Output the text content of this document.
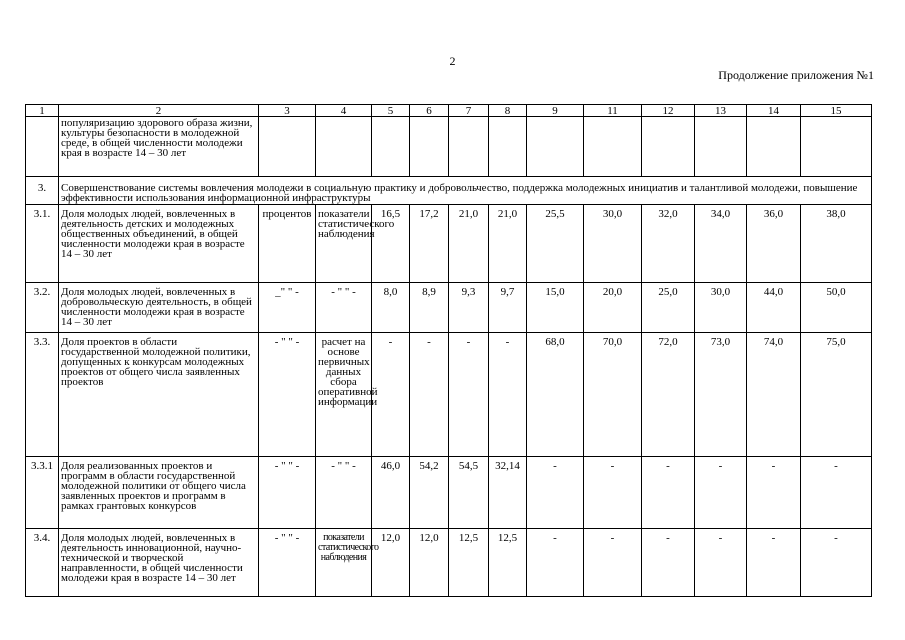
2
Продолжение приложения №1
1	2	3	4	5	6	7	8	9	11	12	13	14	15
	популяризацию здорового образа жизни, культуры безопасности в молодежной среде, в общей численности молодежи края в возрасте 14 – 30 лет												
3.	Совершенствование системы вовлечения молодежи в социальную практику и добровольчество, поддержка молодежных инициатив и талантливой молодежи, повышение эффективности использования информационной инфраструктуры												
3.1.	Доля молодых людей, вовлеченных в деятельность детских и молодежных общественных объединений, в общей численности молодежи края в возрасте 14 – 30 лет	процентов	показатели статистического наблюдения	16,5	17,2	21,0	21,0	25,5	30,0	32,0	34,0	36,0	38,0
3.2.	Доля молодых людей, вовлеченных в добровольческую деятельность, в общей численности молодежи края в возрасте 14 – 30 лет	_" " -	- " " -	8,0	8,9	9,3	9,7	15,0	20,0	25,0	30,0	44,0	50,0
3.3.	Доля проектов в области государственной молодежной политики, допущенных к конкурсам молодежных проектов от общего числа заявленных проектов	- " " -	расчет на основе первичных данных сбора оперативной информации	-	-	-	-	68,0	70,0	72,0	73,0	74,0	75,0
3.3.1	Доля реализованных проектов и программ в области государственной молодежной политики от общего числа заявленных проектов и программ в рамках грантовых конкурсов	- " " -	- " " -	46,0	54,2	54,5	32,14	-	-	-	-	-	-
3.4.	Доля молодых людей, вовлеченных в деятельность инновационной, научно-технической и творческой направленности, в общей численности молодежи края в возрасте 14 – 30 лет	- " " -	показатели статистического наблюдения	12,0	12,0	12,5	12,5	-	-	-	-	-	-
